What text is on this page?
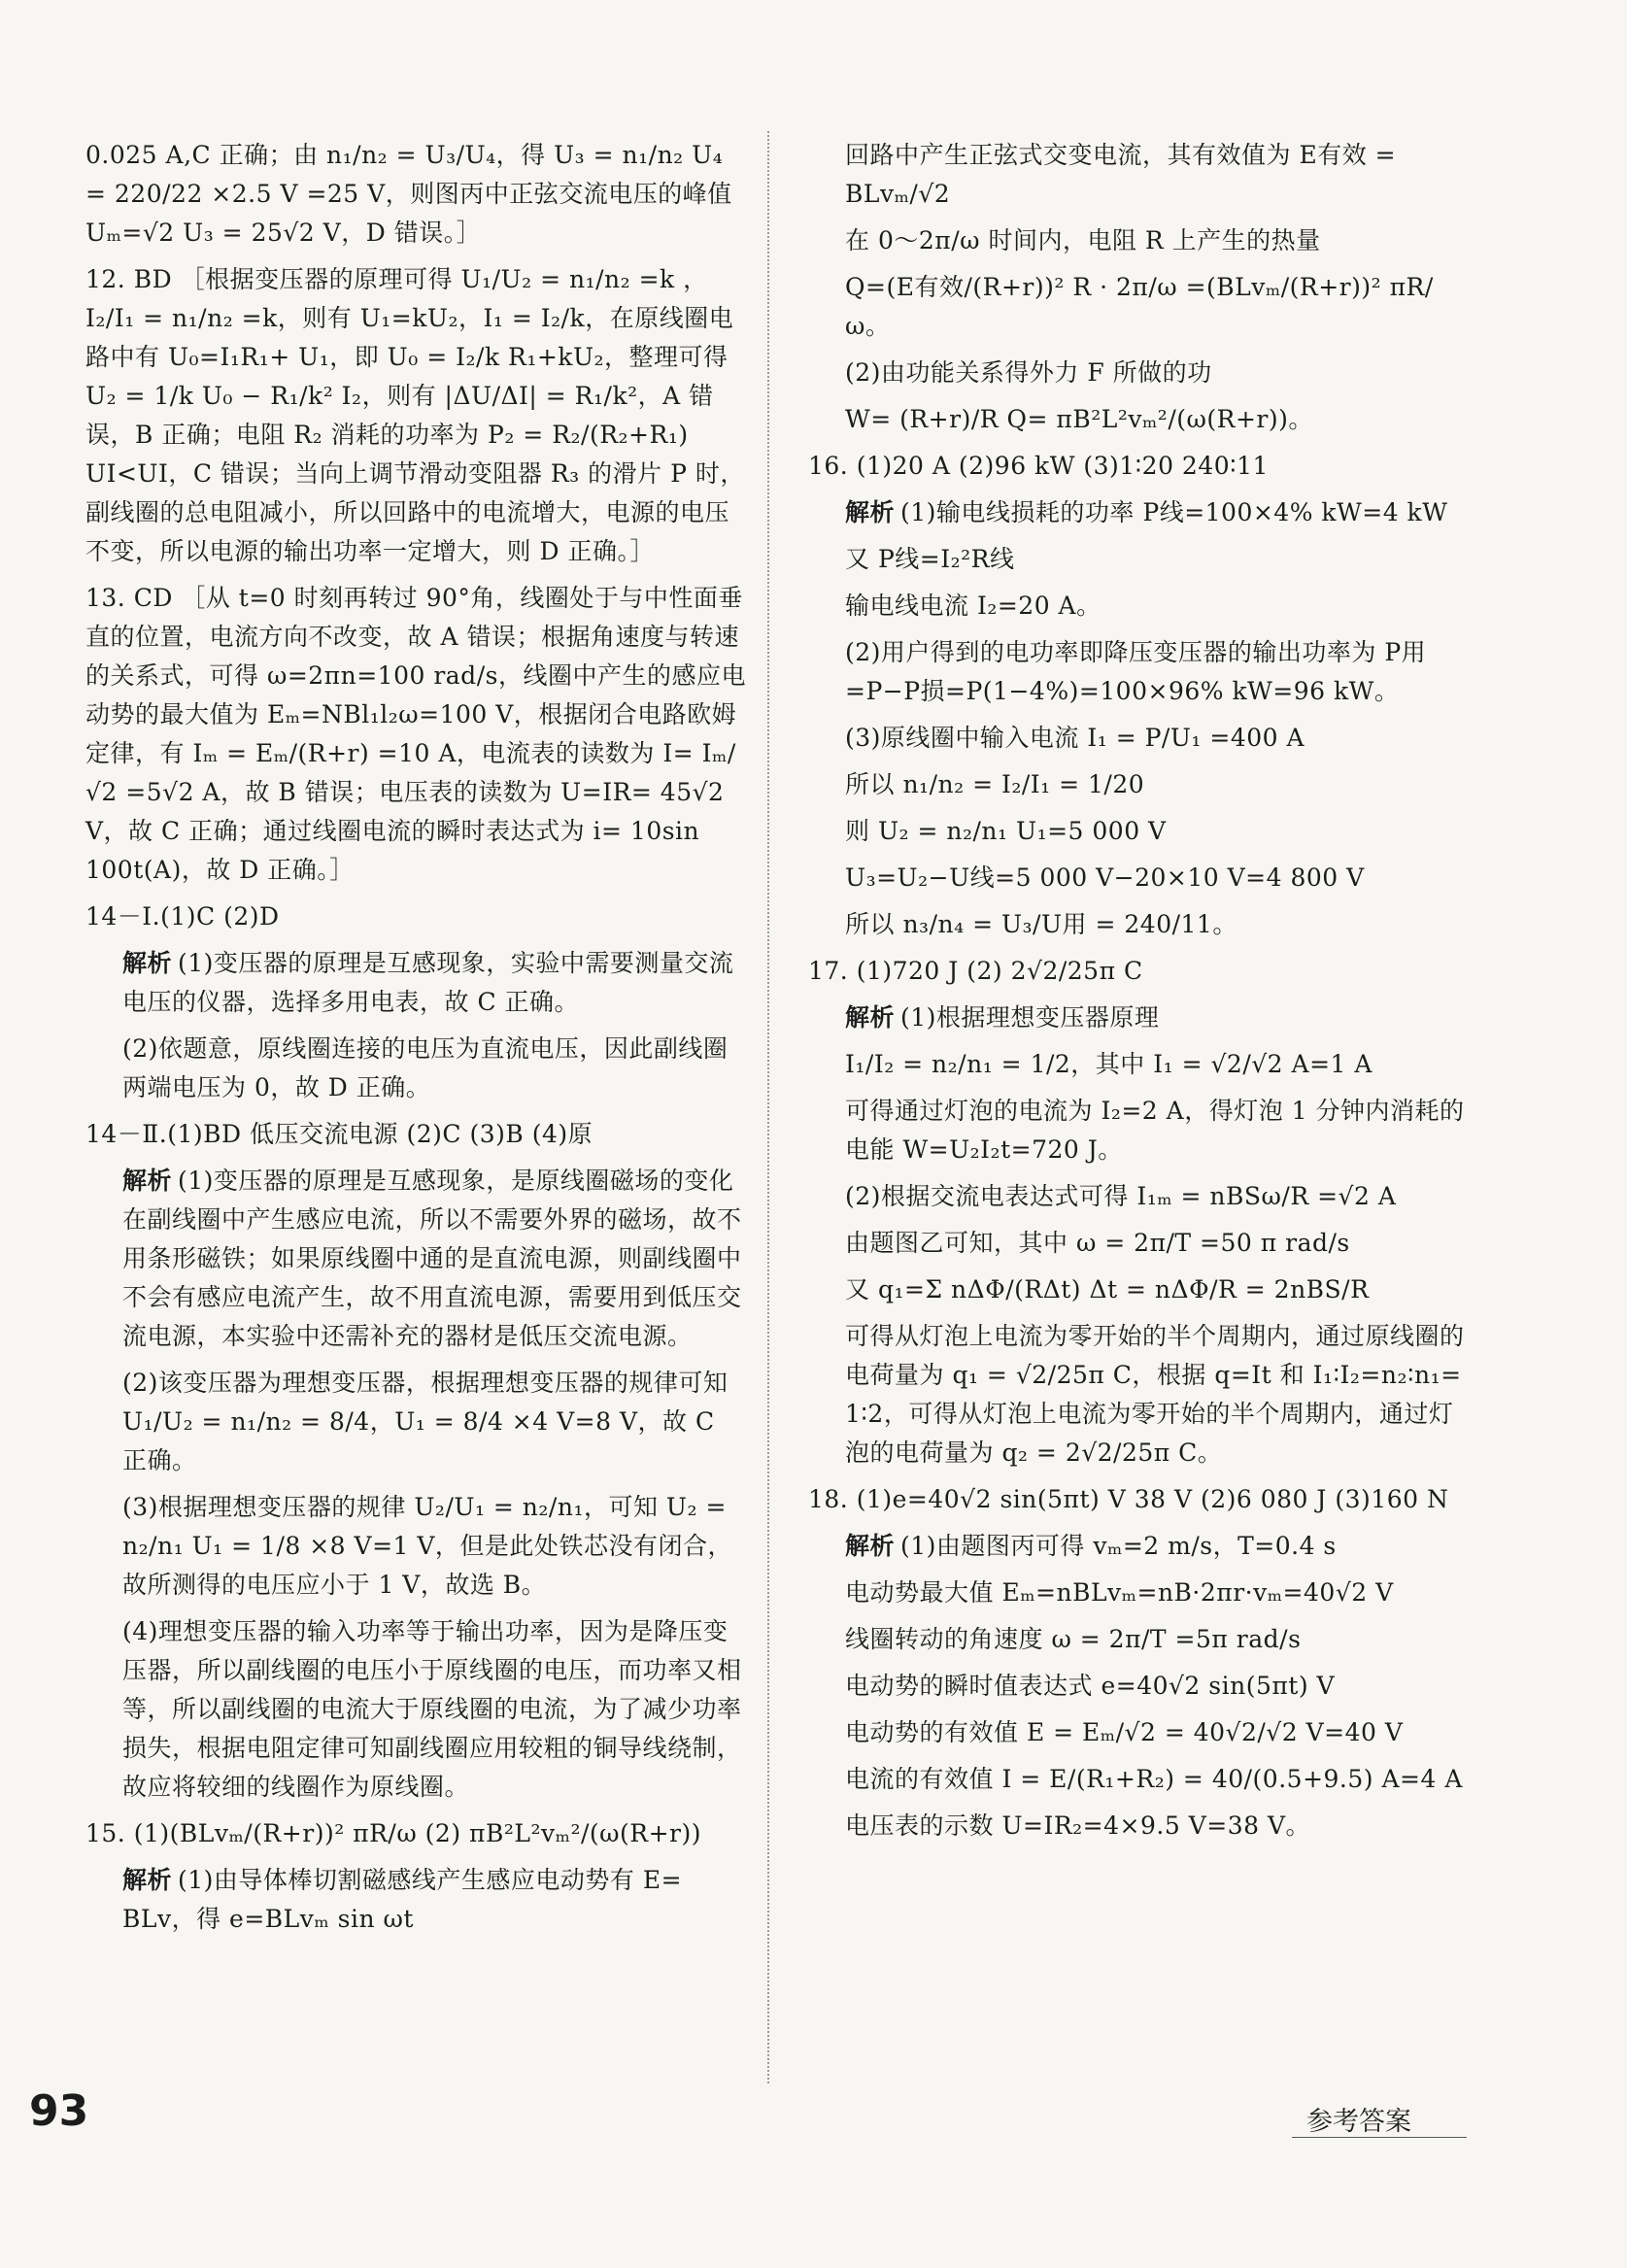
0.025 A,C 正确；由 n₁/n₂ = U₃/U₄，得 U₃ = n₁/n₂ U₄ = 220/22 ×2.5 V =25 V，则图丙中正弦交流电压的峰值 Uₘ=√2 U₃ = 25√2 V，D 错误。］

12. BD ［根据变压器的原理可得 U₁/U₂ = n₁/n₂ =k ，I₂/I₁ = n₁/n₂ =k，则有 U₁=kU₂，I₁ = I₂/k，在原线圈电路中有 U₀=I₁R₁+ U₁，即 U₀ = I₂/k R₁+kU₂，整理可得 U₂ = 1/k U₀ − R₁/k² I₂，则有 |ΔU/ΔI| = R₁/k²，A 错误，B 正确；电阻 R₂ 消耗的功率为 P₂ = R₂/(R₂+R₁) UI<UI，C 错误；当向上调节滑动变阻器 R₃ 的滑片 P 时，副线圈的总电阻减小，所以回路中的电流增大，电源的电压不变，所以电源的输出功率一定增大，则 D 正确。］

13. CD ［从 t=0 时刻再转过 90°角，线圈处于与中性面垂直的位置，电流方向不改变，故 A 错误；根据角速度与转速的关系式，可得 ω=2πn=100 rad/s，线圈中产生的感应电动势的最大值为 Eₘ=NBl₁l₂ω=100 V，根据闭合电路欧姆定律，有 Iₘ = Eₘ/(R+r) =10 A，电流表的读数为 I= Iₘ/√2 =5√2 A，故 B 错误；电压表的读数为 U=IR= 45√2 V，故 C 正确；通过线圈电流的瞬时表达式为 i= 10sin 100t(A)，故 D 正确。］

14－Ⅰ.(1)C (2)D

解析 (1)变压器的原理是互感现象，实验中需要测量交流电压的仪器，选择多用电表，故 C 正确。

(2)依题意，原线圈连接的电压为直流电压，因此副线圈两端电压为 0，故 D 正确。

14－Ⅱ.(1)BD 低压交流电源 (2)C (3)B (4)原

解析 (1)变压器的原理是互感现象，是原线圈磁场的变化在副线圈中产生感应电流，所以不需要外界的磁场，故不用条形磁铁；如果原线圈中通的是直流电源，则副线圈中不会有感应电流产生，故不用直流电源，需要用到低压交流电源，本实验中还需补充的器材是低压交流电源。

(2)该变压器为理想变压器，根据理想变压器的规律可知 U₁/U₂ = n₁/n₂ = 8/4，U₁ = 8/4 ×4 V=8 V，故 C 正确。

(3)根据理想变压器的规律 U₂/U₁ = n₂/n₁，可知 U₂ = n₂/n₁ U₁ = 1/8 ×8 V=1 V，但是此处铁芯没有闭合，故所测得的电压应小于 1 V，故选 B。

(4)理想变压器的输入功率等于输出功率，因为是降压变压器，所以副线圈的电压小于原线圈的电压，而功率又相等，所以副线圈的电流大于原线圈的电流，为了减少功率损失，根据电阻定律可知副线圈应用较粗的铜导线绕制，故应将较细的线圈作为原线圈。

15. (1)(BLvₘ/(R+r))² πR/ω (2) πB²L²vₘ²/(ω(R+r))

解析 (1)由导体棒切割磁感线产生感应电动势有 E= BLv，得 e=BLvₘ sin ωt

回路中产生正弦式交变电流，其有效值为 E有效 = BLvₘ/√2

在 0～2π/ω 时间内，电阻 R 上产生的热量

Q=(E有效/(R+r))² R · 2π/ω =(BLvₘ/(R+r))² πR/ω。

(2)由功能关系得外力 F 所做的功

W= (R+r)/R Q= πB²L²vₘ²/(ω(R+r))。

16. (1)20 A (2)96 kW (3)1∶20 240∶11

解析 (1)输电线损耗的功率 P线=100×4% kW=4 kW

又 P线=I₂²R线

输电线电流 I₂=20 A。

(2)用户得到的电功率即降压变压器的输出功率为 P用=P−P损=P(1−4%)=100×96% kW=96 kW。

(3)原线圈中输入电流 I₁ = P/U₁ =400 A

所以 n₁/n₂ = I₂/I₁ = 1/20

则 U₂ = n₂/n₁ U₁=5 000 V

U₃=U₂−U线=5 000 V−20×10 V=4 800 V

所以 n₃/n₄ = U₃/U用 = 240/11。

17. (1)720 J (2) 2√2/25π C

解析 (1)根据理想变压器原理

I₁/I₂ = n₂/n₁ = 1/2，其中 I₁ = √2/√2 A=1 A

可得通过灯泡的电流为 I₂=2 A，得灯泡 1 分钟内消耗的电能 W=U₂I₂t=720 J。

(2)根据交流电表达式可得 I₁ₘ = nBSω/R =√2 A

由题图乙可知，其中 ω = 2π/T =50 π rad/s

又 q₁=Σ nΔΦ/(RΔt) Δt = nΔΦ/R = 2nBS/R

可得从灯泡上电流为零开始的半个周期内，通过原线圈的电荷量为 q₁ = √2/25π C，根据 q=It 和 I₁∶I₂=n₂∶n₁= 1∶2，可得从灯泡上电流为零开始的半个周期内，通过灯泡的电荷量为 q₂ = 2√2/25π C。

18. (1)e=40√2 sin(5πt) V 38 V (2)6 080 J (3)160 N

解析 (1)由题图丙可得 vₘ=2 m/s，T=0.4 s

电动势最大值 Eₘ=nBLvₘ=nB·2πr·vₘ=40√2 V

线圈转动的角速度 ω = 2π/T =5π rad/s

电动势的瞬时值表达式 e=40√2 sin(5πt) V

电动势的有效值 E = Eₘ/√2 = 40√2/√2 V=40 V

电流的有效值 I = E/(R₁+R₂) = 40/(0.5+9.5) A=4 A

电压表的示数 U=IR₂=4×9.5 V=38 V。

93	参考答案
